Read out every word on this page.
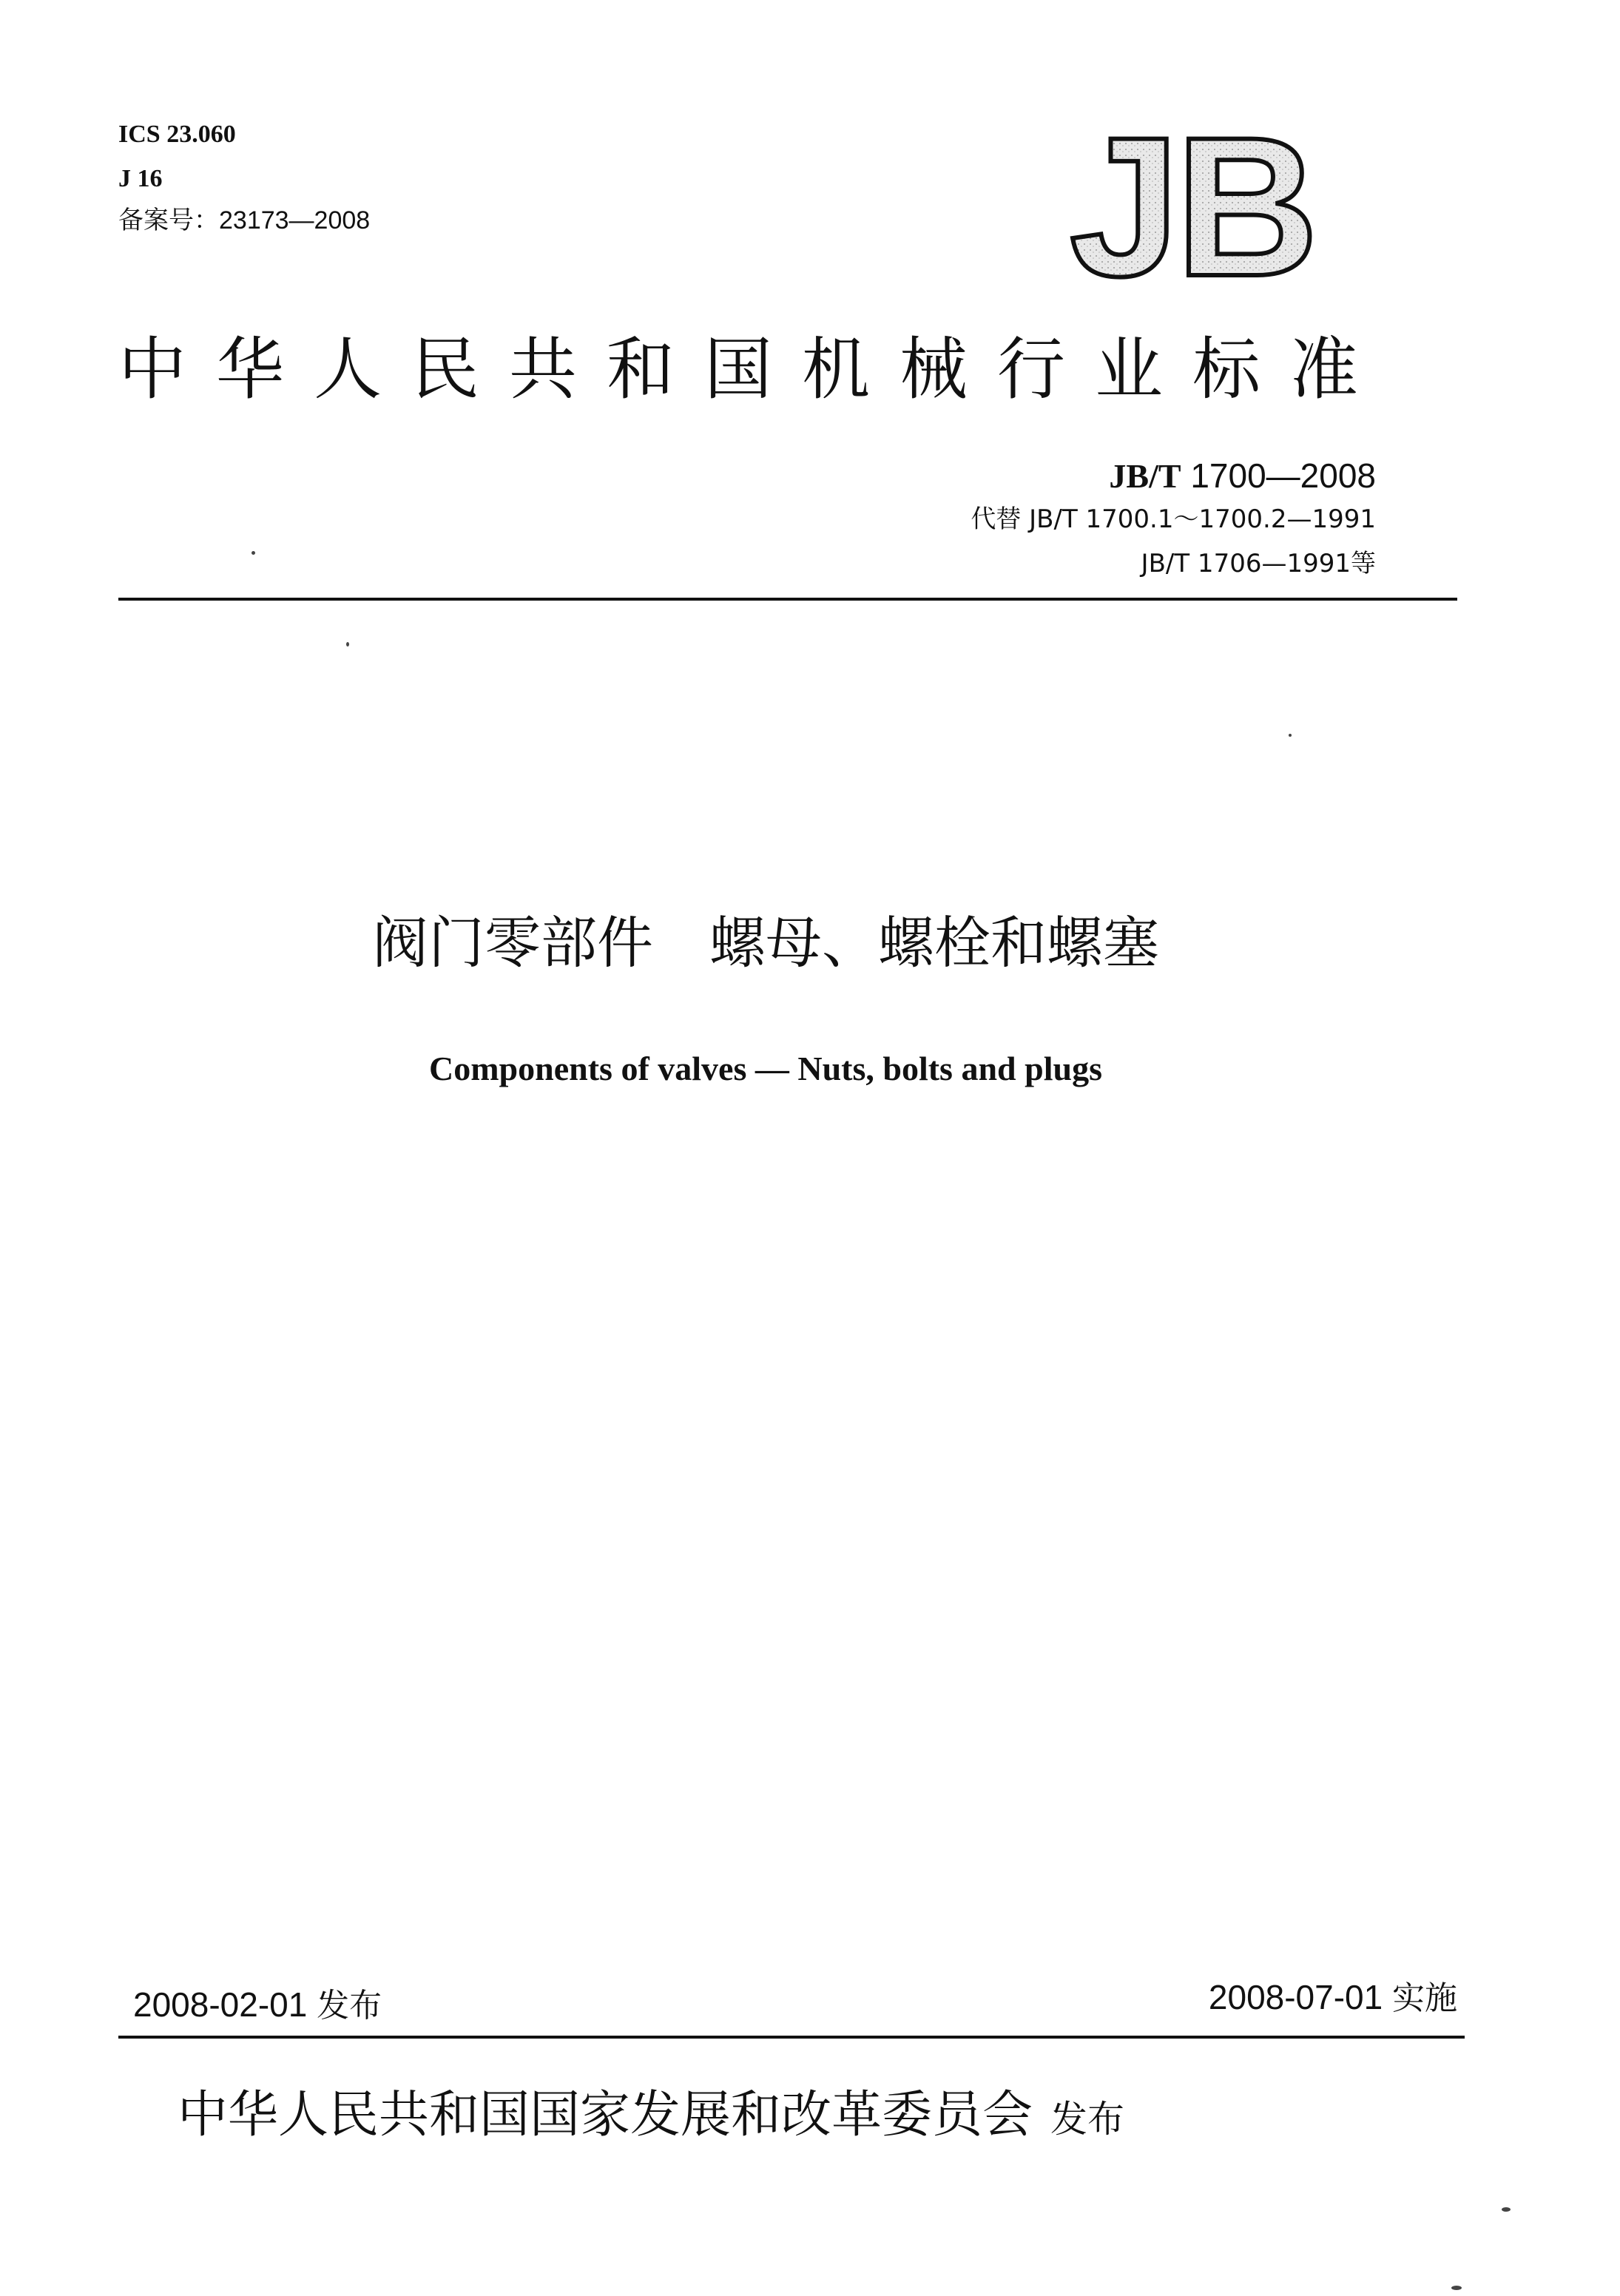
ICS 23.060
J 16
备案号：23173—2008	JB
中华人民共和国机械行业标准
JB/T 1700—2008
代替 JB/T 1700.1～1700.2—1991
JB/T 1706—1991等
阀门零部件　螺母、螺栓和螺塞
Components of valves — Nuts, bolts and plugs
2008-02-01 发布	2008-07-01 实施
中华人民共和国国家发展和改革委员会 发布
